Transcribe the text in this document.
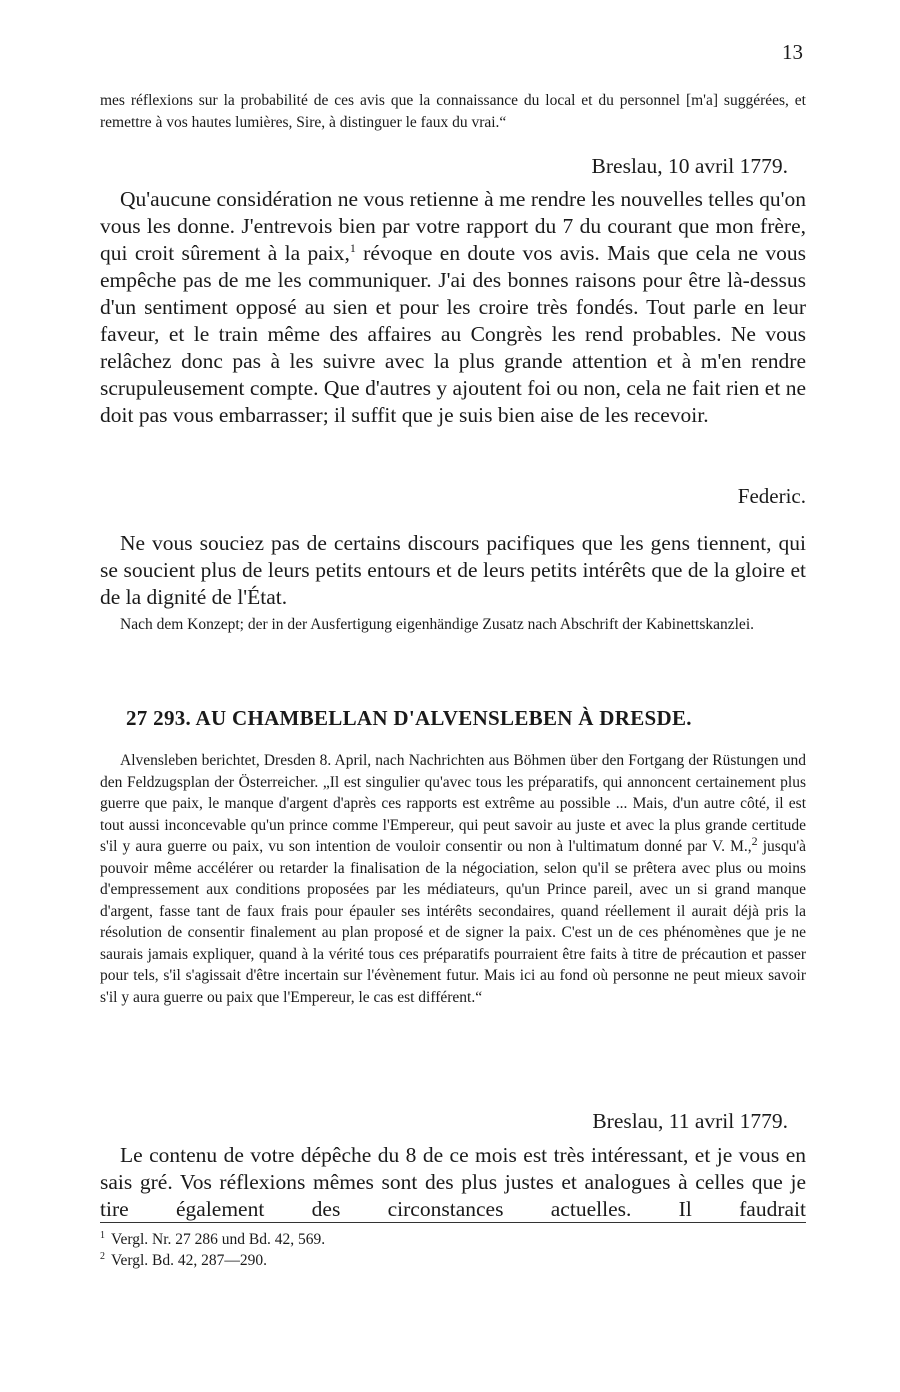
13

mes réflexions sur la probabilité de ces avis que la connaissance du local et du personnel [m'a] suggérées, et remettre à vos hautes lumières, Sire, à distinguer le faux du vrai.“

Breslau, 10 avril 1779.

Qu'aucune considération ne vous retienne à me rendre les nouvelles telles qu'on vous les donne. J'entrevois bien par votre rapport du 7 du courant que mon frère, qui croit sûrement à la paix,$^1$ révoque en doute vos avis. Mais que cela ne vous empêche pas de me les communiquer. J'ai des bonnes raisons pour être là-dessus d'un sentiment opposé au sien et pour les croire très fondés. Tout parle en leur faveur, et le train même des affaires au Congrès les rend probables. Ne vous relâchez donc pas à les suivre avec la plus grande attention et à m'en rendre scrupuleusement compte. Que d'autres y ajoutent foi ou non, cela ne fait rien et ne doit pas vous embarrasser; il suffit que je suis bien aise de les recevoir.

Federic.

Ne vous souciez pas de certains discours pacifiques que les gens tiennent, qui se soucient plus de leurs petits entours et de leurs petits intérêts que de la gloire et de la dignité de l'État.

Nach dem Konzept; der in der Ausfertigung eigenhändige Zusatz nach Abschrift der Kabinettskanzlei.

27 293. AU CHAMBELLAN D'ALVENSLEBEN À DRESDE.

Alvensleben berichtet, Dresden 8. April, nach Nachrichten aus Böhmen über den Fortgang der Rüstungen und den Feldzugsplan der Österreicher. „Il est singulier qu'avec tous les préparatifs, qui annoncent certainement plus guerre que paix, le manque d'argent d'après ces rapports est extrême au possible ... Mais, d'un autre côté, il est tout aussi inconcevable qu'un prince comme l'Empereur, qui peut savoir au juste et avec la plus grande certitude s'il y aura guerre ou paix, vu son intention de vouloir consentir ou non à l'ultimatum donné par V. M.,$^2$ jusqu'à pouvoir même accélérer ou retarder la finalisation de la négociation, selon qu'il se prêtera avec plus ou moins d'empressement aux conditions proposées par les médiateurs, qu'un Prince pareil, avec un si grand manque d'argent, fasse tant de faux frais pour épauler ses intérêts secondaires, quand réellement il aurait déjà pris la résolution de consentir finalement au plan proposé et de signer la paix. C'est un de ces phénomènes que je ne saurais jamais expliquer, quand à la vérité tous ces préparatifs pourraient être faits à titre de précaution et passer pour tels, s'il s'agissait d'être incertain sur l'évènement futur. Mais ici au fond où personne ne peut mieux savoir s'il y aura guerre ou paix que l'Empereur, le cas est différent.“

Breslau, 11 avril 1779.

Le contenu de votre dépêche du 8 de ce mois est très intéressant, et je vous en sais gré. Vos réflexions mêmes sont des plus justes et analogues à celles que je tire également des circonstances actuelles. Il faudrait

$^1$ Vergl. Nr. 27 286 und Bd. 42, 569.

$^2$ Vergl. Bd. 42, 287—290.
